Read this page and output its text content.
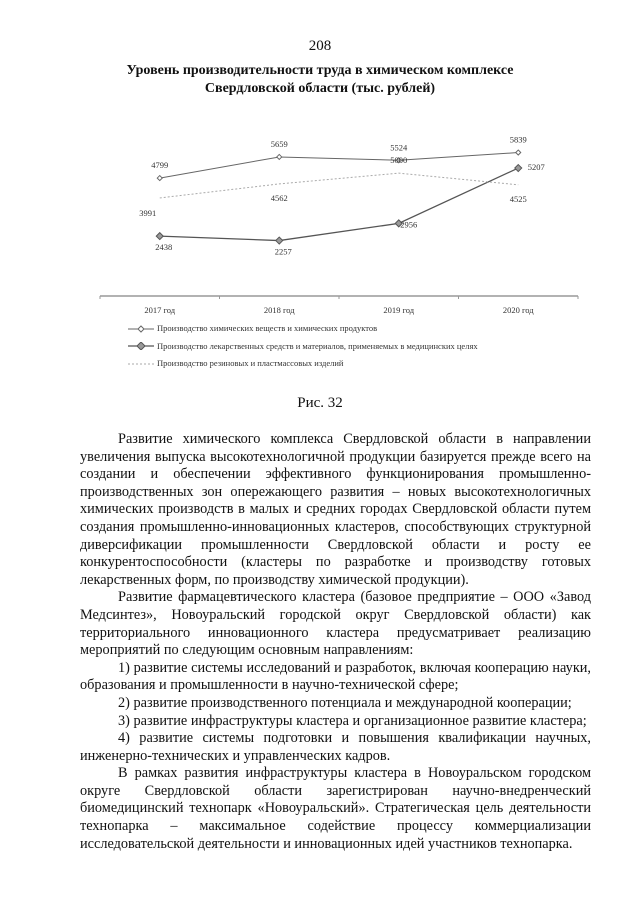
208
Уровень производительности труда в химическом комплексе
Свердловской области (тыс. рублей)
2017 год	2018 год	2019 год	2020 год
4799
5659	5524
5839
2438	2257
2956
5207
3991
4562
5000
4525
Производство химических веществ и химических продуктов
Производство лекарственных средств и материалов, применяемых в медицинских целях
Производство резиновых и пластмассовых изделий
Рис. 32

Развитие химического комплекса Свердловской области в направлении увеличения выпуска высокотехнологичной продукции базируется прежде всего на создании и обеспечении эффективного функционирования промышленно-производственных зон опережающего развития – новых высокотехнологичных химических производств в малых и средних городах Свердловской области путем создания промышленно-инновационных кластеров, способствующих структурной диверсификации промышленности Свердловской области и росту ее конкурентоспособности (кластеры по разработке и производству готовых лекарственных форм, по производству химической продукции).

Развитие фармацевтического кластера (базовое предприятие – ООО «Завод Медсинтез», Новоуральский городской округ Свердловской области) как территориального инновационного кластера предусматривает реализацию мероприятий по следующим основным направлениям:

1) развитие системы исследований и разработок, включая кооперацию науки, образования и промышленности в научно-технической сфере;

2) развитие производственного потенциала и международной кооперации;

3) развитие инфраструктуры кластера и организационное развитие кластера;

4) развитие системы подготовки и повышения квалификации научных, инженерно-технических и управленческих кадров.

В рамках развития инфраструктуры кластера в Новоуральском городском округе Свердловской области зарегистрирован научно-внедренческий биомедицинский технопарк «Новоуральский». Стратегическая цель деятельности технопарка – максимальное содействие процессу коммерциализации исследовательской деятельности и инновационных идей участников технопарка.
